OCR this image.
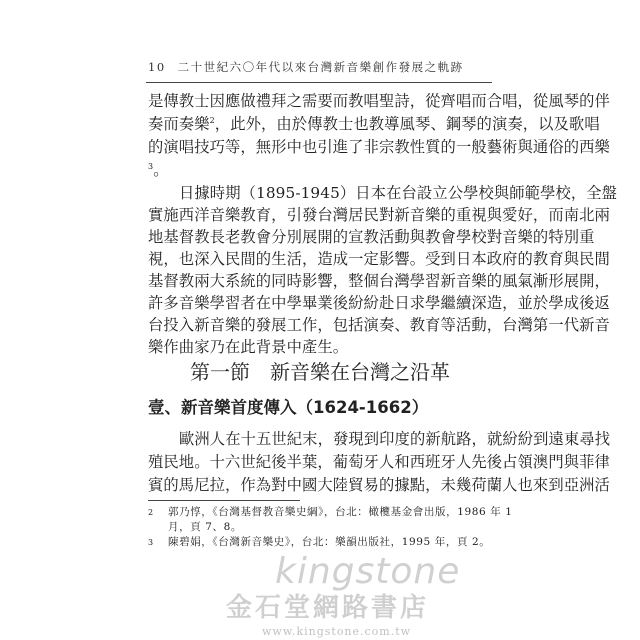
10 二十世紀六〇年代以來台灣新音樂創作發展之軌跡
是傳教士因應做禮拜之需要而教唱聖詩，從齊唱而合唱，從風琴的伴
奏而奏樂$^2$，此外，由於傳教士也教導風琴、鋼琴的演奏，以及歌唱
的演唱技巧等，無形中也引進了非宗教性質的一般藝術與通俗的西樂
$^3$。
日據時期（1895-1945）日本在台設立公學校與師範學校，全盤
實施西洋音樂教育，引發台灣居民對新音樂的重視與愛好，而南北兩
地基督教長老教會分別展開的宣教活動與教會學校對音樂的特別重
視，也深入民間的生活，造成一定影響。受到日本政府的教育與民間
基督教兩大系統的同時影響，整個台灣學習新音樂的風氣漸形展開，
許多音樂學習者在中學畢業後紛紛赴日求學繼續深造，並於學成後返
台投入新音樂的發展工作，包括演奏、教育等活動，台灣第一代新音
樂作曲家乃在此背景中產生。
第一節　新音樂在台灣之沿革
壹、新音樂首度傳入（1624-1662）
歐洲人在十五世紀末，發現到印度的新航路，就紛紛到遠東尋找
殖民地。十六世紀後半葉，葡萄牙人和西班牙人先後占領澳門與菲律
賓的馬尼拉，作為對中國大陸貿易的據點，未幾荷蘭人也來到亞洲活
2 郭乃惇，《台灣基督教音樂史綱》，台北：橄欖基金會出版，1986 年 1
月，頁 7、8。
3 陳碧娟，《台灣新音樂史》，台北：樂韻出版社，1995 年，頁 2。
kingstone
金石堂網路書店
www.kingstone.com.tw
